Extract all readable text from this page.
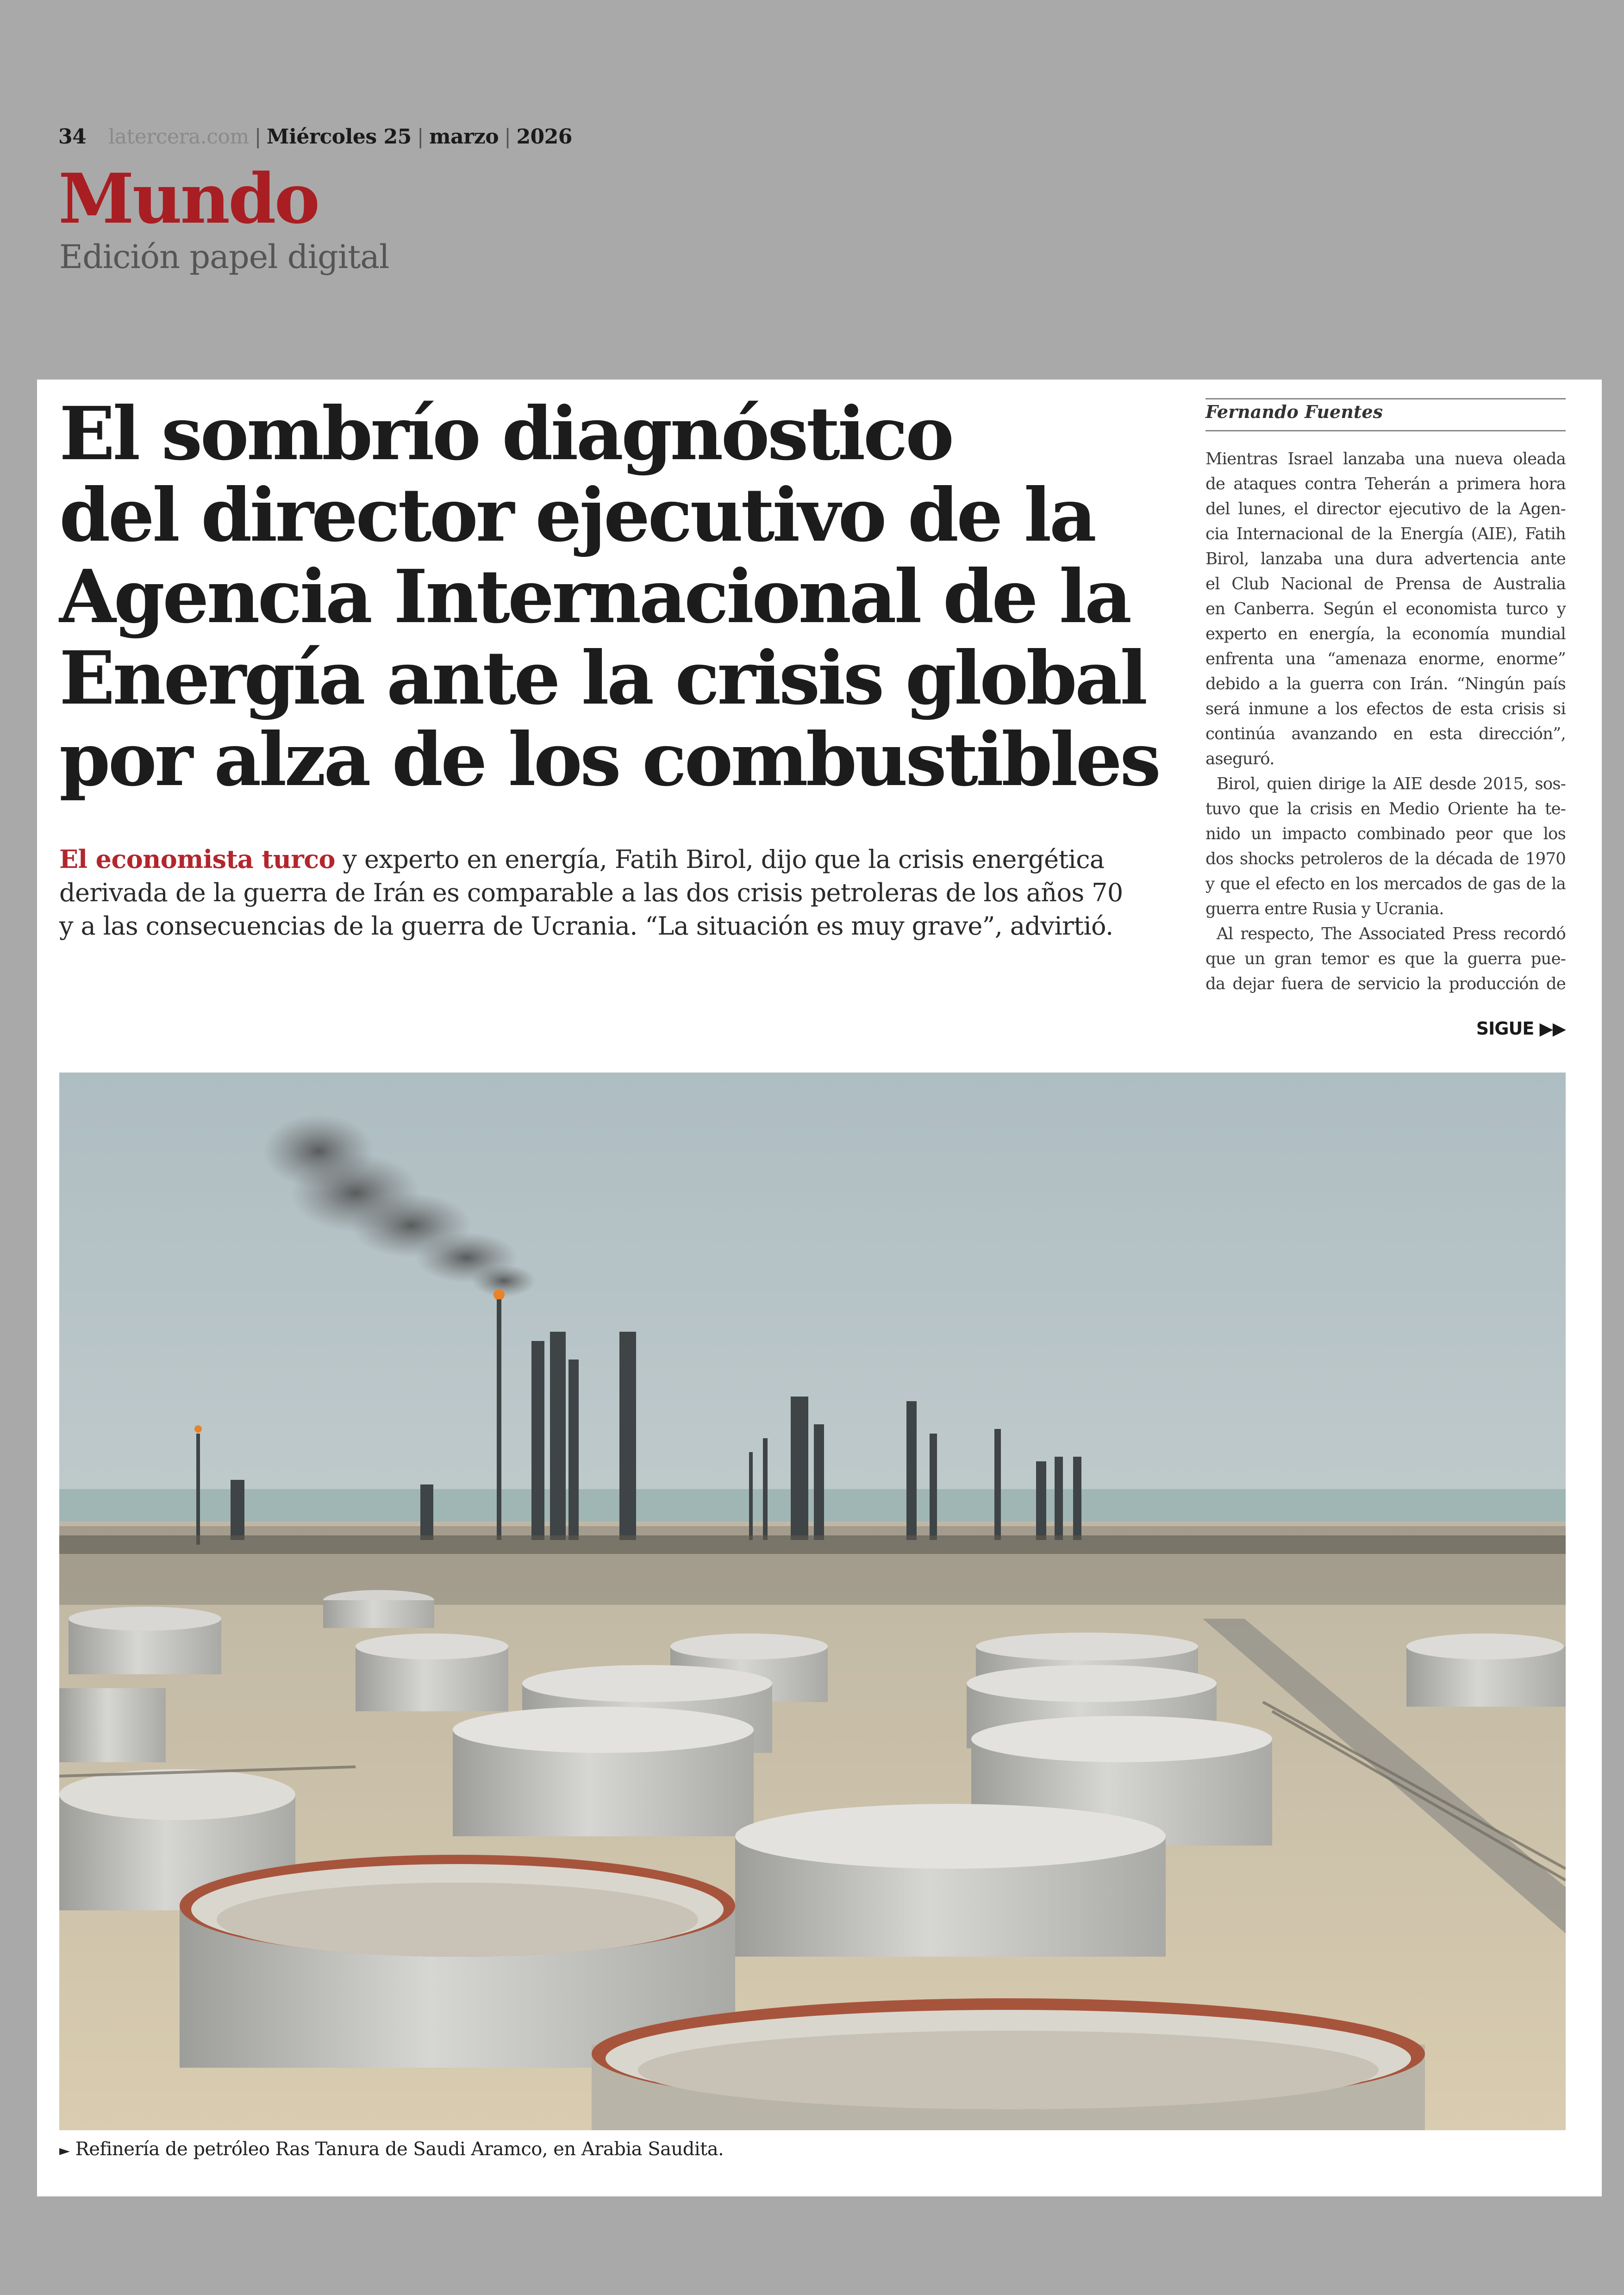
34 latercera.com | Miércoles 25 | marzo | 2026
Mundo
Edición papel digital
El sombrío diagnóstico
del director ejecutivo de la
Agencia Internacional de la
Energía ante la crisis global
por alza de los combustibles
El economista turco y experto en energía, Fatih Birol, dijo que la crisis energética
derivada de la guerra de Irán es comparable a las dos crisis petroleras de los años 70
y a las consecuencias de la guerra de Ucrania. “La situación es muy grave”, advirtió.
Fernando Fuentes
Mientras Israel lanzaba una nueva oleada
de ataques contra Teherán a primera hora
del lunes, el director ejecutivo de la Agen-
cia Internacional de la Energía (AIE), Fatih
Birol, lanzaba una dura advertencia ante
el Club Nacional de Prensa de Australia
en Canberra. Según el economista turco y
experto en energía, la economía mundial
enfrenta una “amenaza enorme, enorme”
debido a la guerra con Irán. “Ningún país
será inmune a los efectos de esta crisis si
continúa avanzando en esta dirección”,
aseguró.
Birol, quien dirige la AIE desde 2015, sos-
tuvo que la crisis en Medio Oriente ha te-
nido un impacto combinado peor que los
dos shocks petroleros de la década de 1970
y que el efecto en los mercados de gas de la
guerra entre Rusia y Ucrania.
Al respecto, The Associated Press recordó
que un gran temor es que la guerra pue-
da dejar fuera de servicio la producción de
SIGUE ▶▶
► Refinería de petróleo Ras Tanura de Saudi Aramco, en Arabia Saudita.
